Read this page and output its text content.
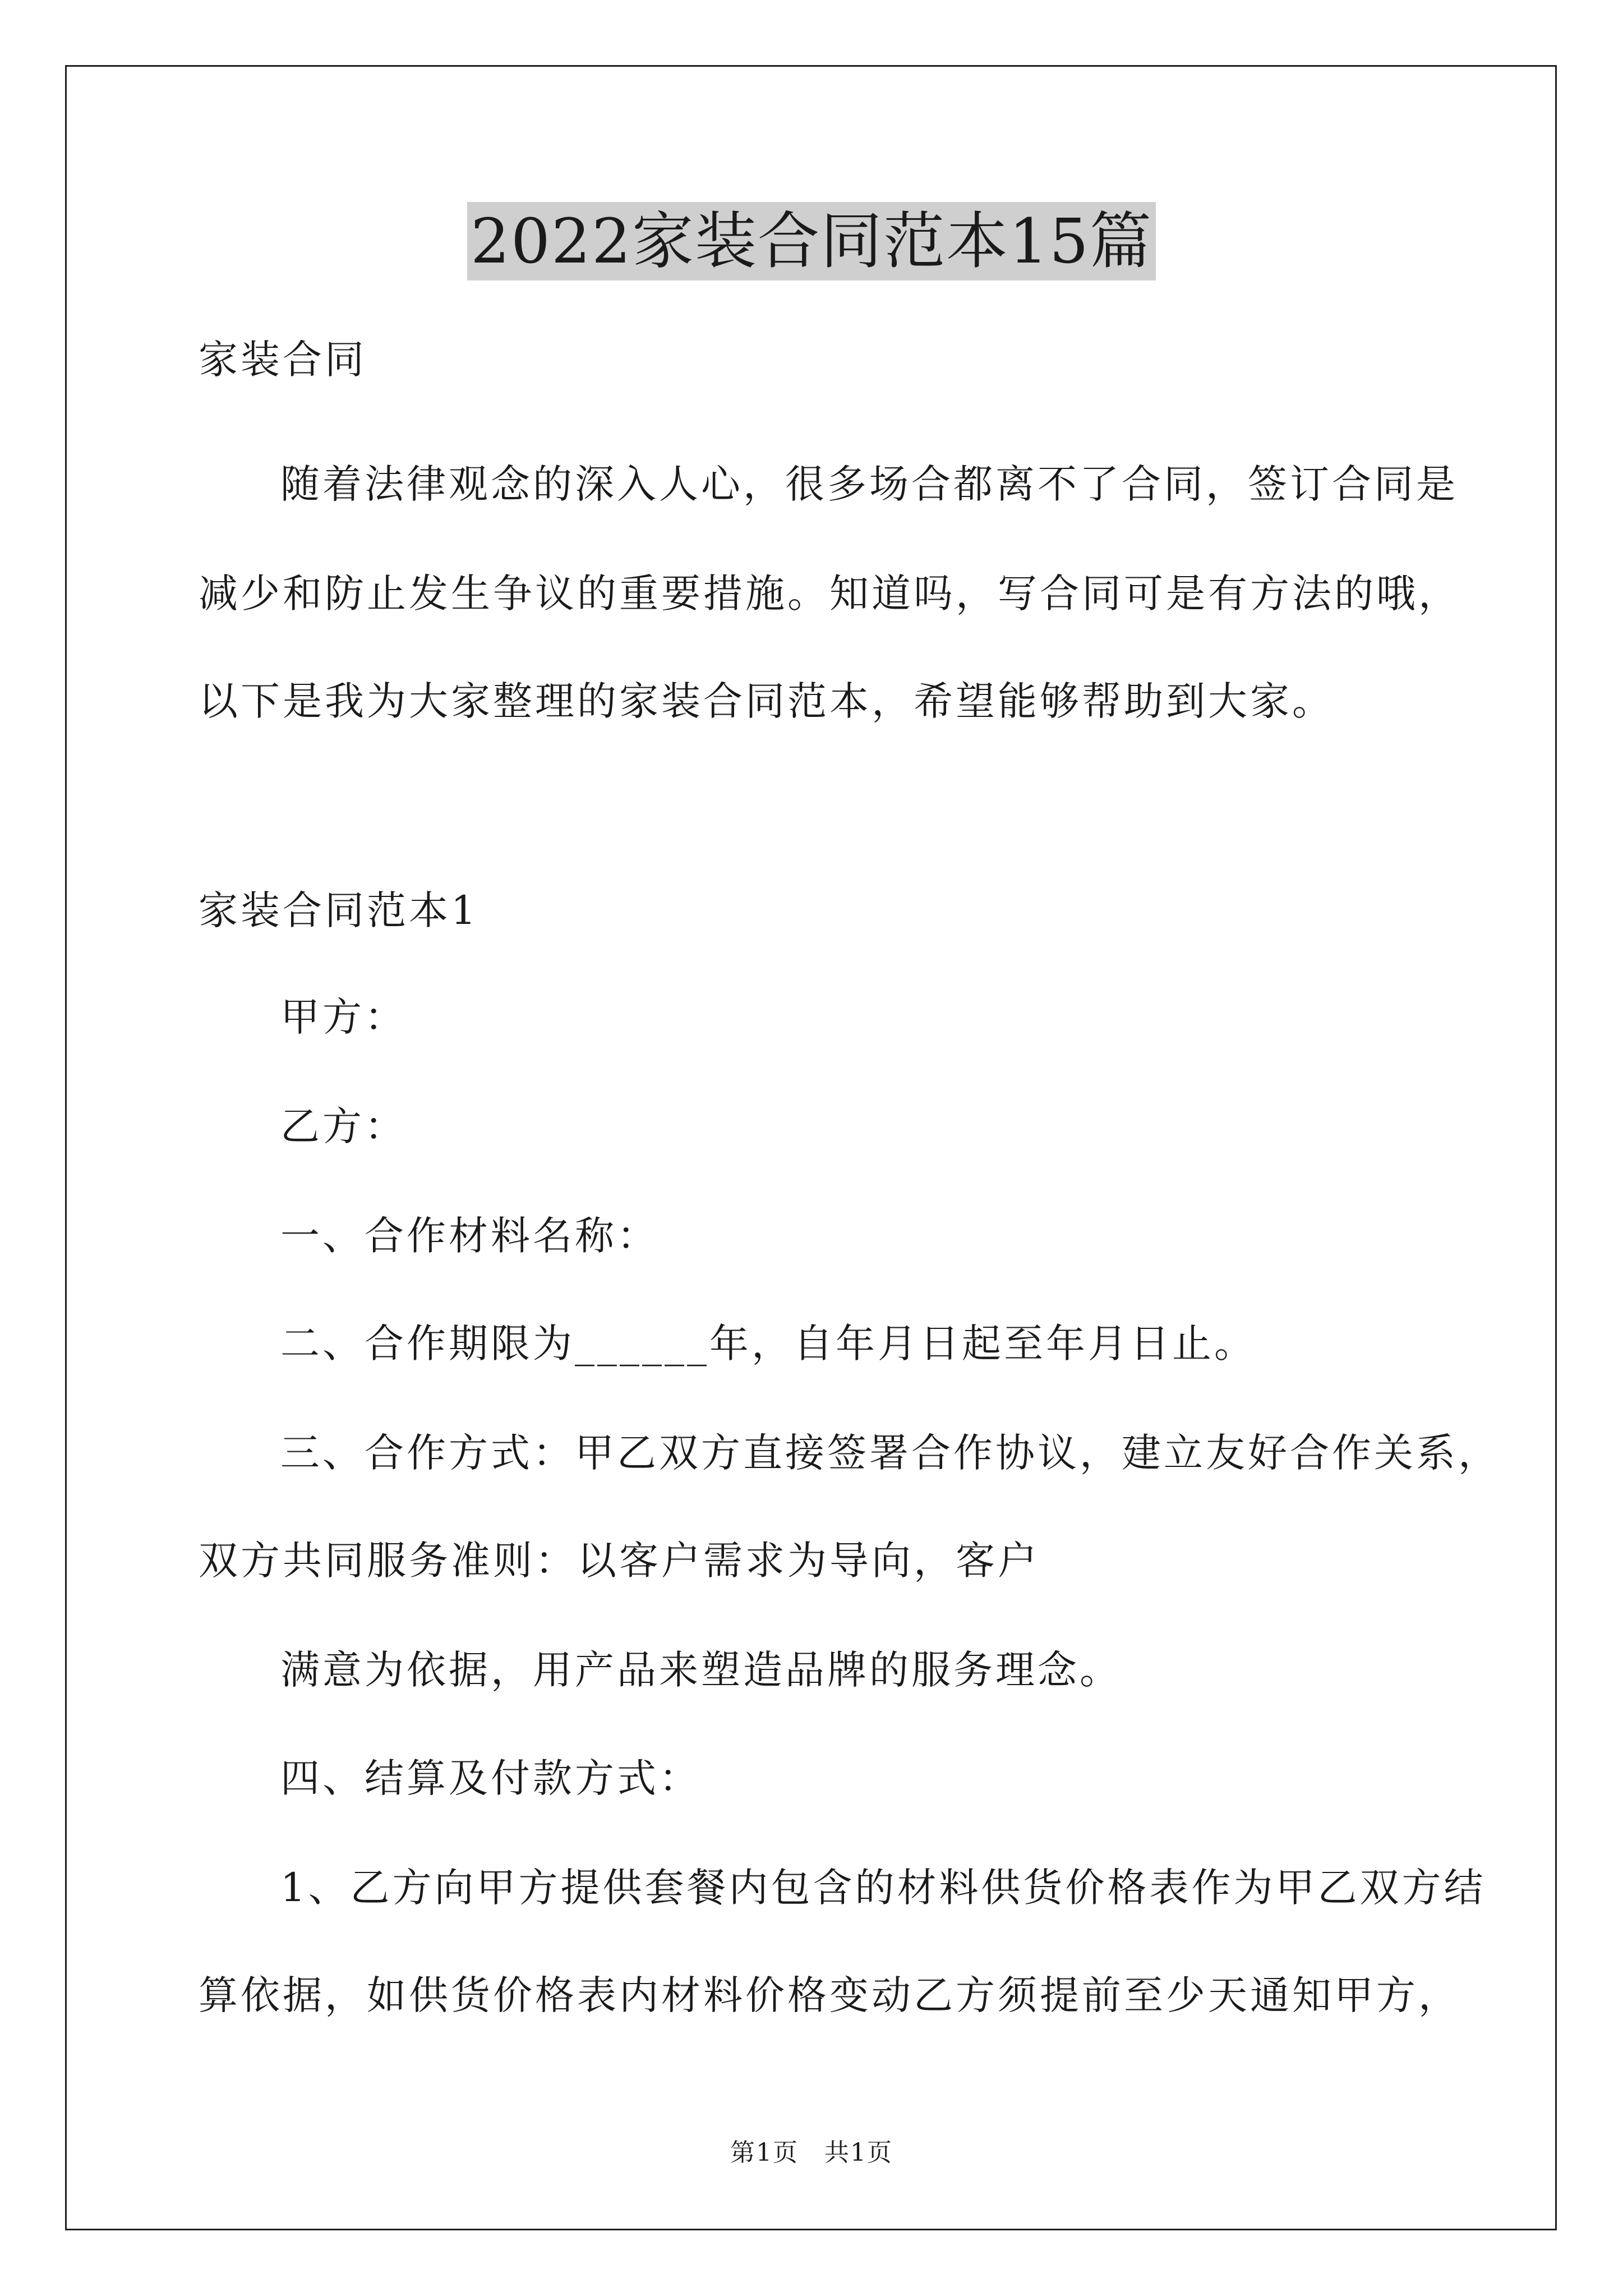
2022家装合同范本15篇
家装合同
随着法律观念的深入人心，很多场合都离不了合同，签订合同是
减少和防止发生争议的重要措施。知道吗，写合同可是有方法的哦，
以下是我为大家整理的家装合同范本，希望能够帮助到大家。
家装合同范本1
甲方：
乙方：
一、合作材料名称：
二、合作期限为______年，自年月日起至年月日止。
三、合作方式：甲乙双方直接签署合作协议，建立友好合作关系，
双方共同服务准则：以客户需求为导向，客户
满意为依据，用产品来塑造品牌的服务理念。
四、结算及付款方式：
1、乙方向甲方提供套餐内包含的材料供货价格表作为甲乙双方结
算依据，如供货价格表内材料价格变动乙方须提前至少天通知甲方，
第1页　共1页
